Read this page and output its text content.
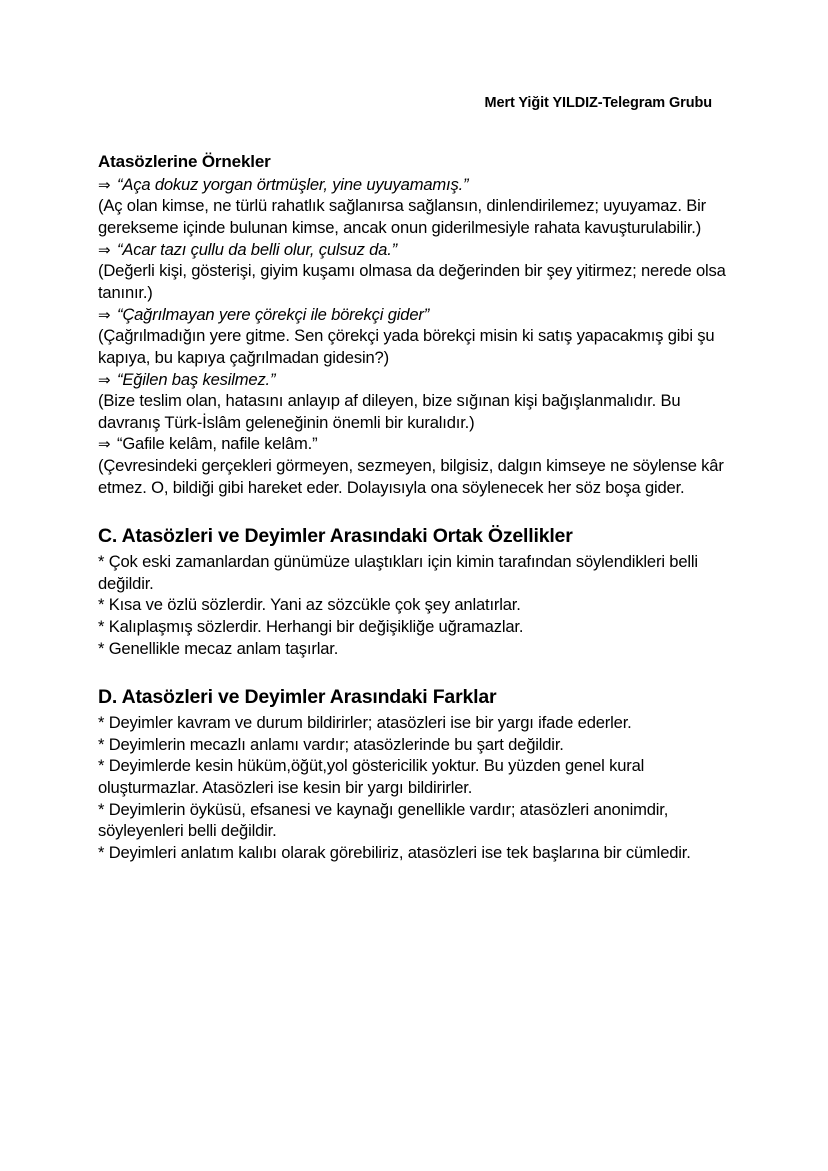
Mert Yiğit YILDIZ-Telegram Grubu
Atasözlerine Örnekler

⇒ “Aça dokuz yorgan örtmüşler, yine uyuyamamış.”

(Aç olan kimse, ne türlü rahatlık sağlanırsa sağlansın, dinlendirilemez; uyuyamaz. Bir gerekseme içinde bulunan kimse, ancak onun giderilmesiyle rahata kavuşturulabilir.)

⇒ “Acar tazı çullu da belli olur, çulsuz da.”

(Değerli kişi, gösterişi, giyim kuşamı olmasa da değerinden bir şey yitirmez; nerede olsa tanınır.)

⇒ “Çağrılmayan yere çörekçi ile börekçi gider”

(Çağrılmadığın yere gitme. Sen çörekçi yada börekçi misin ki satış yapacakmış gibi şu kapıya, bu kapıya çağrılmadan gidesin?)

⇒ “Eğilen baş kesilmez.”

(Bize teslim olan, hatasını anlayıp af dileyen, bize sığınan kişi bağışlanmalıdır. Bu davranış Türk-İslâm geleneğinin önemli bir kuralıdır.)

⇒ “Gafile kelâm, nafile kelâm.”

(Çevresindeki gerçekleri görmeyen, sezmeyen, bilgisiz, dalgın kimseye ne söylense kâr etmez. O, bildiği gibi hareket eder. Dolayısıyla ona söylenecek her söz boşa gider.

C. Atasözleri ve Deyimler Arasındaki Ortak Özellikler

* Çok eski zamanlardan günümüze ulaştıkları için kimin tarafından söylendikleri belli değildir.

* Kısa ve özlü sözlerdir. Yani az sözcükle çok şey anlatırlar.

* Kalıplaşmış sözlerdir. Herhangi bir değişikliğe uğramazlar.

* Genellikle mecaz anlam taşırlar.

D. Atasözleri ve Deyimler Arasındaki Farklar

* Deyimler kavram ve durum bildirirler; atasözleri ise bir yargı ifade ederler.

* Deyimlerin mecazlı anlamı vardır; atasözlerinde bu şart değildir.

* Deyimlerde kesin hüküm,öğüt,yol göstericilik yoktur. Bu yüzden genel kural oluşturmazlar. Atasözleri ise kesin bir yargı bildirirler.

* Deyimlerin öyküsü, efsanesi ve kaynağı genellikle vardır; atasözleri anonimdir, söyleyenleri belli değildir.

* Deyimleri anlatım kalıbı olarak görebiliriz, atasözleri ise tek başlarına bir cümledir.
